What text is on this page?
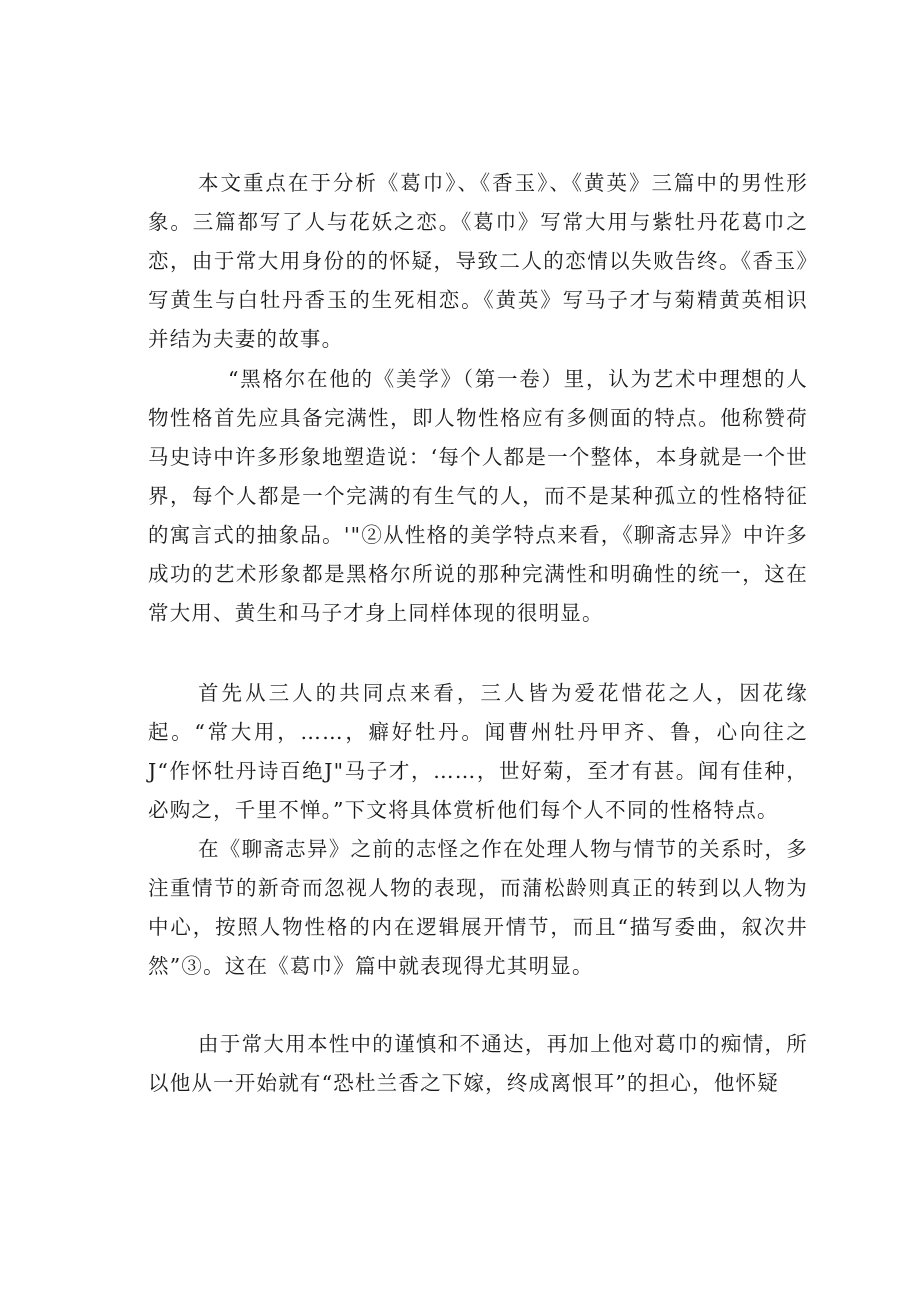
本文重点在于分析《葛巾》、《香玉》、《黄英》三篇中的男性形象。三篇都写了人与花妖之恋。《葛巾》写常大用与紫牡丹花葛巾之恋，由于常大用身份的的怀疑，导致二人的恋情以失败告终。《香玉》写黄生与白牡丹香玉的生死相恋。《黄英》写马子才与菊精黄英相识并结为夫妻的故事。

“黑格尔在他的《美学》（第一卷）里，认为艺术中理想的人物性格首先应具备完满性，即人物性格应有多侧面的特点。他称赞荷马史诗中许多形象地塑造说：‘每个人都是一个整体，本身就是一个世界，每个人都是一个完满的有生气的人，而不是某种孤立的性格特征的寓言式的抽象品。'"②从性格的美学特点来看，《聊斋志异》中许多成功的艺术形象都是黑格尔所说的那种完满性和明确性的统一，这在常大用、黄生和马子才身上同样体现的很明显。

首先从三人的共同点来看，三人皆为爱花惜花之人，因花缘起。“常大用，……，癖好牡丹。闻曹州牡丹甲齐、鲁，心向往之J“作怀牡丹诗百绝J"马子才，……，世好菊，至才有甚。闻有佳种，必购之，千里不惮。”下文将具体赏析他们每个人不同的性格特点。

在《聊斋志异》之前的志怪之作在处理人物与情节的关系时，多注重情节的新奇而忽视人物的表现，而蒲松龄则真正的转到以人物为中心，按照人物性格的内在逻辑展开情节，而且“描写委曲，叙次井然”③。这在《葛巾》篇中就表现得尤其明显。

由于常大用本性中的谨慎和不通达，再加上他对葛巾的痴情，所以他从一开始就有“恐杜兰香之下嫁，终成离恨耳”的担心，他怀疑
